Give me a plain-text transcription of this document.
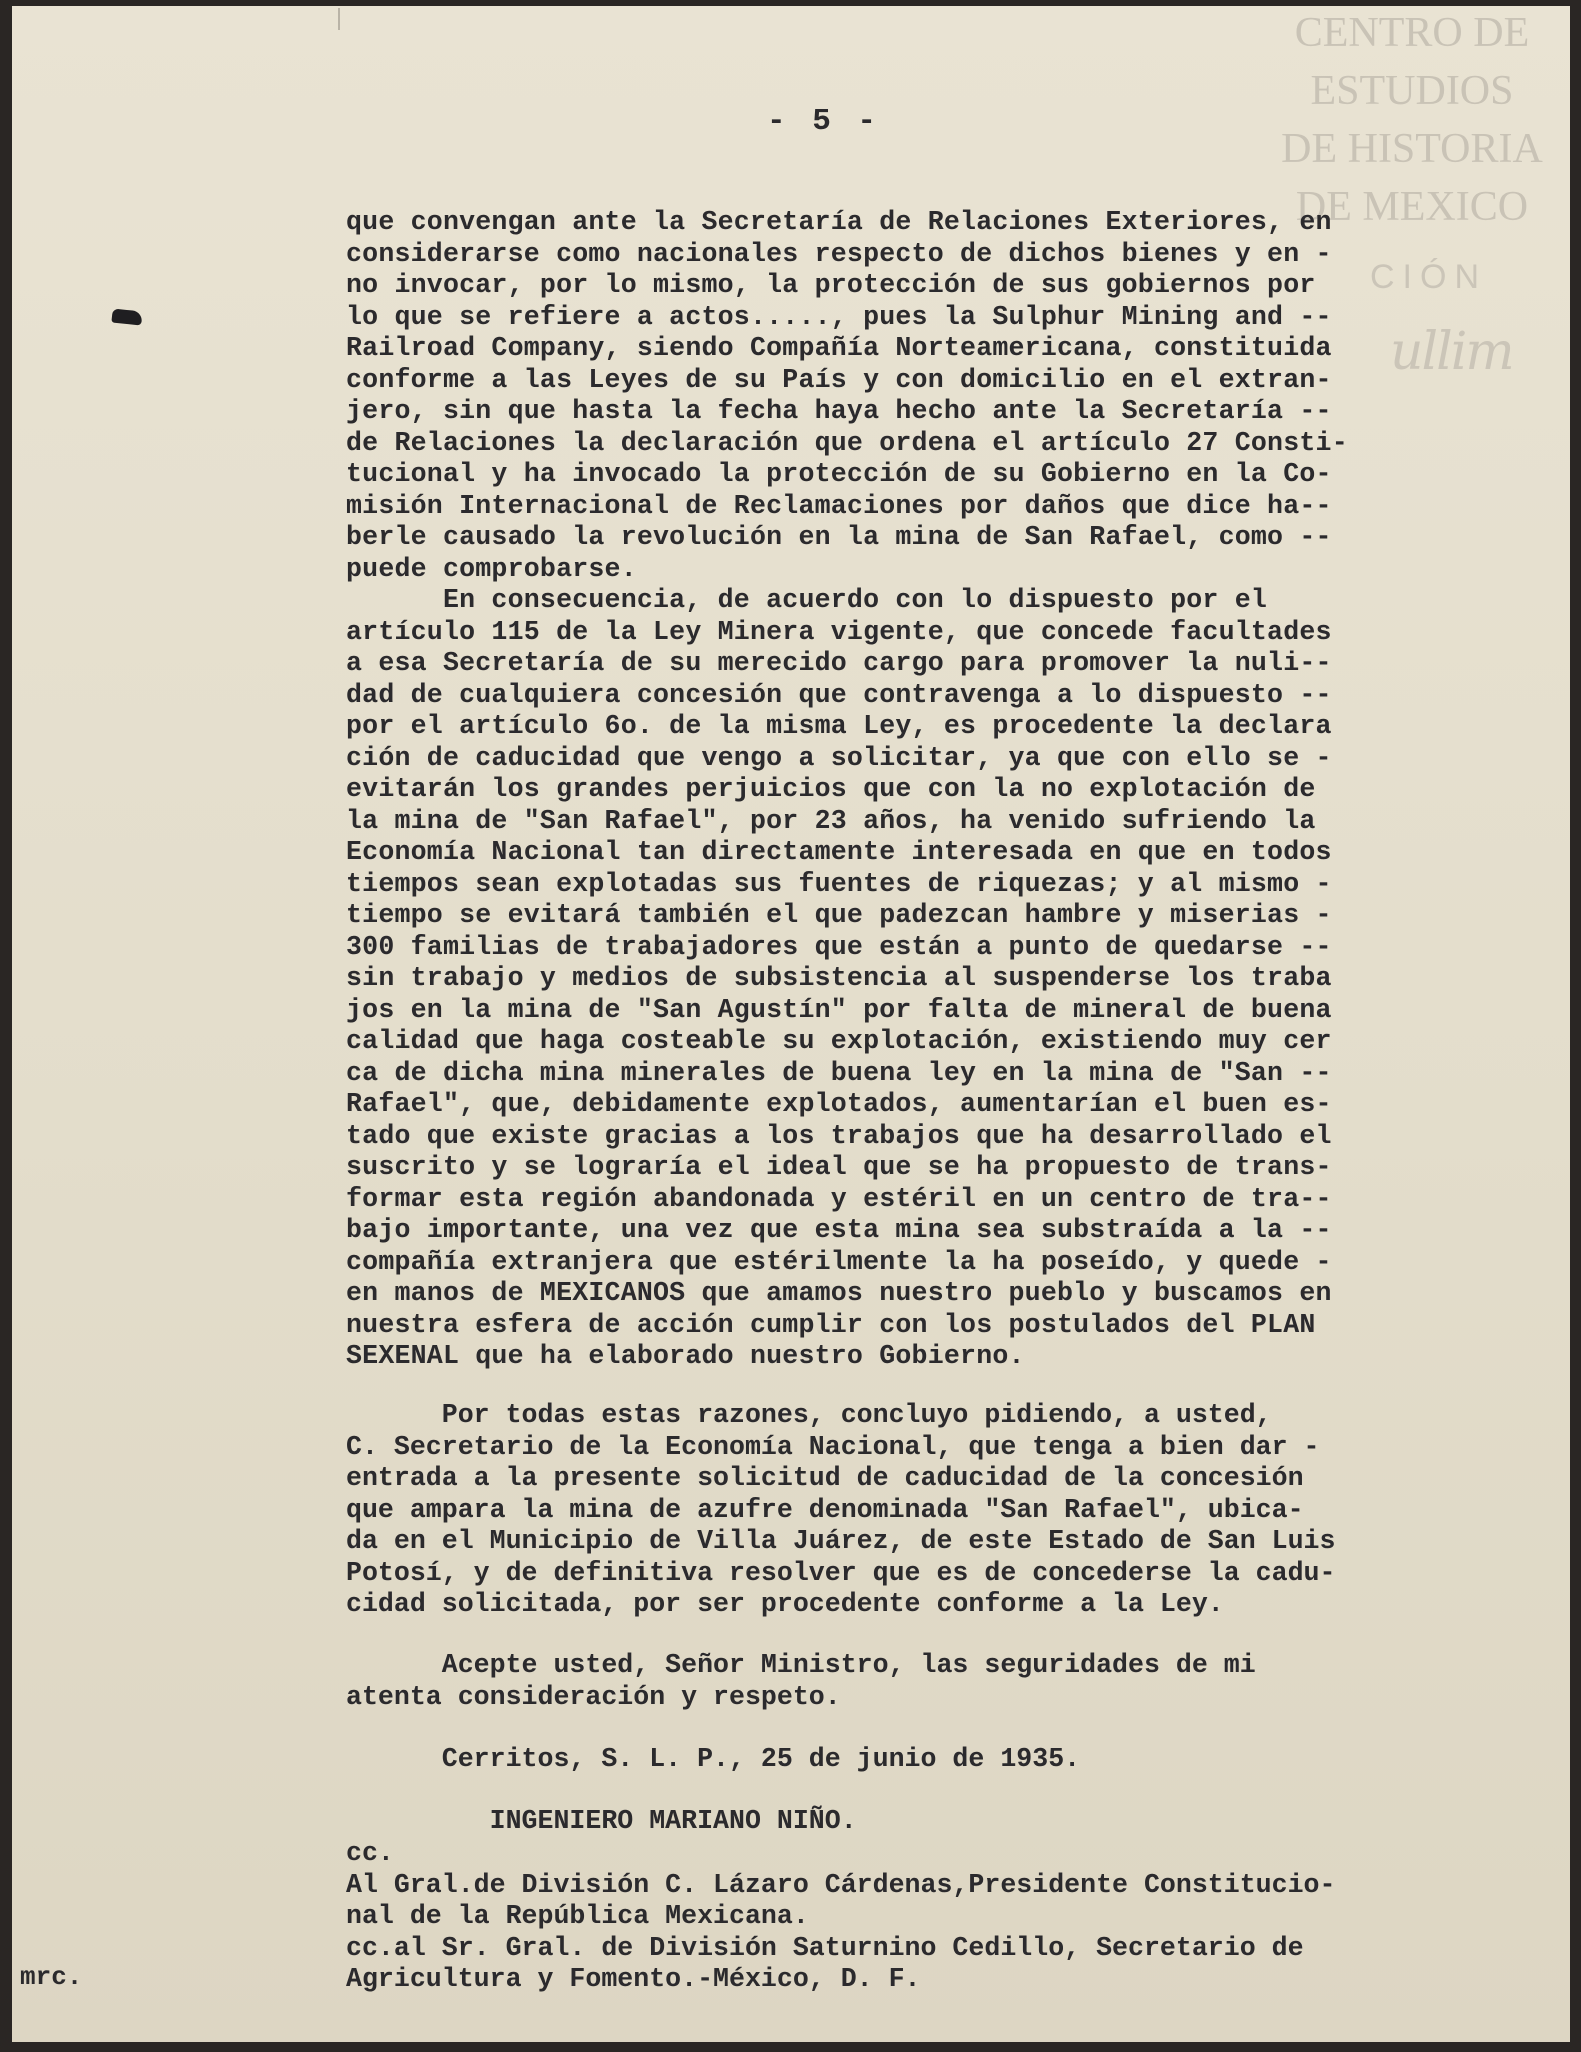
CENTRO DE
ESTUDIOS
DE HISTORIA
DE MEXICO
CIÓN
ullim
- 5 -
que convengan ante la Secretaría de Relaciones Exteriores, en
considerarse como nacionales respecto de dichos bienes y en -
no invocar, por lo mismo, la protección de sus gobiernos por
lo que se refiere a actos....., pues la Sulphur Mining and --
Railroad Company, siendo Compañía Norteamericana, constituida
conforme a las Leyes de su País y con domicilio en el extran-
jero, sin que hasta la fecha haya hecho ante la Secretaría --
de Relaciones la declaración que ordena el artículo 27 Consti-
tucional y ha invocado la protección de su Gobierno en la Co-
misión Internacional de Reclamaciones por daños que dice ha--
berle causado la revolución en la mina de San Rafael, como --
puede comprobarse.
En consecuencia, de acuerdo con lo dispuesto por el
artículo 115 de la Ley Minera vigente, que concede facultades
a esa Secretaría de su merecido cargo para promover la nuli--
dad de cualquiera concesión que contravenga a lo dispuesto --
por el artículo 6o. de la misma Ley, es procedente la declara
ción de caducidad que vengo a solicitar, ya que con ello se -
evitarán los grandes perjuicios que con la no explotación de
la mina de "San Rafael", por 23 años, ha venido sufriendo la
Economía Nacional tan directamente interesada en que en todos
tiempos sean explotadas sus fuentes de riquezas; y al mismo -
tiempo se evitará también el que padezcan hambre y miserias -
300 familias de trabajadores que están a punto de quedarse --
sin trabajo y medios de subsistencia al suspenderse los traba
jos en la mina de "San Agustín" por falta de mineral de buena
calidad que haga costeable su explotación, existiendo muy cer
ca de dicha mina minerales de buena ley en la mina de "San --
Rafael", que, debidamente explotados, aumentarían el buen es-
tado que existe gracias a los trabajos que ha desarrollado el
suscrito y se lograría el ideal que se ha propuesto de trans-
formar esta región abandonada y estéril en un centro de tra--
bajo importante, una vez que esta mina sea substraída a la --
compañía extranjera que estérilmente la ha poseído, y quede -
en manos de MEXICANOS que amamos nuestro pueblo y buscamos en
nuestra esfera de acción cumplir con los postulados del PLAN
SEXENAL que ha elaborado nuestro Gobierno.
Por todas estas razones, concluyo pidiendo, a usted,
C. Secretario de la Economía Nacional, que tenga a bien dar -
entrada a la presente solicitud de caducidad de la concesión
que ampara la mina de azufre denominada "San Rafael", ubica-
da en el Municipio de Villa Juárez, de este Estado de San Luis
Potosí, y de definitiva resolver que es de concederse la cadu-
cidad solicitada, por ser procedente conforme a la Ley.
Acepte usted, Señor Ministro, las seguridades de mi
atenta consideración y respeto.
Cerritos, S. L. P., 25 de junio de 1935.
INGENIERO MARIANO NIÑO.
cc.
Al Gral.de División C. Lázaro Cárdenas,Presidente Constitucio-
nal de la República Mexicana.
cc.al Sr. Gral. de División Saturnino Cedillo, Secretario de
Agricultura y Fomento.-México, D. F.
mrc.
